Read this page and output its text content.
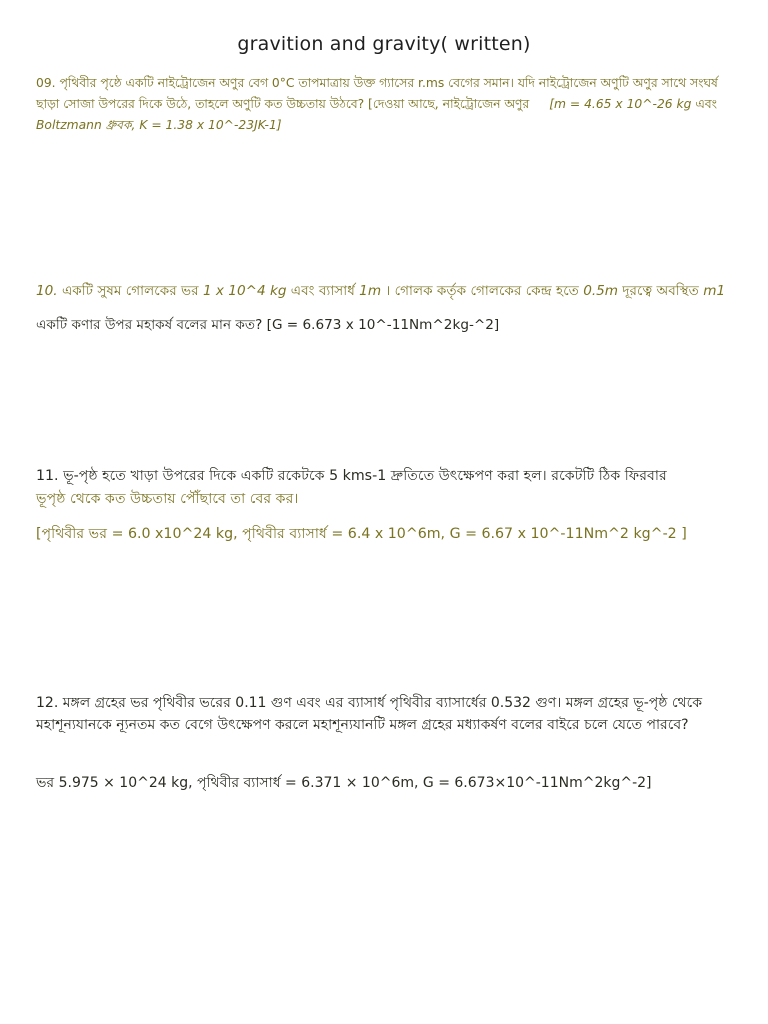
gravition and gravity( written)
09. পৃথিবীর পৃষ্ঠে একটি নাইট্রোজেন অণুর বেগ 0°C তাপমাত্রায় উক্ত গ্যাসের r.ms বেগের সমান। যদি নাইট্রোজেন অণুটি অণুর সাথে সংঘর্ষ ছাড়া সোজা উপরের দিকে উঠে, তাহলে অণুটি কত উচ্চতায় উঠবে? [দেওয়া আছে, নাইট্রোজেন অণুর [m = 4.65 x 10^-26 kg এবং Boltzmann ধ্রুবক, K = 1.38 x 10^-23JK-1]
10. একটি সুষম গোলকের ভর 1 x 10^4 kg এবং ব্যাসার্ধ 1m । গোলক কর্তৃক গোলকের কেন্দ্র হতে 0.5m দূরত্বে অবস্থিত m1
একটি কণার উপর মহাকর্ষ বলের মান কত? [G = 6.673 x 10^-11Nm^2kg-^2]
11. ভূ-পৃষ্ঠ হতে খাড়া উপরের দিকে একটি রকেটকে 5 kms-1 দ্রুতিতে উৎক্ষেপণ করা হল। রকেটটি ঠিক ফিরবার
ভূপৃষ্ঠ থেকে কত উচ্চতায় পৌঁছাবে তা বের কর।
[পৃথিবীর ভর = 6.0 x10^24 kg, পৃথিবীর ব্যাসার্ধ = 6.4 x 10^6m, G = 6.67 x 10^-11Nm^2 kg^-2 ]
12. মঙ্গল গ্রহের ভর পৃথিবীর ভরের 0.11 গুণ এবং এর ব্যাসার্ধ পৃথিবীর ব্যাসার্ধের 0.532 গুণ। মঙ্গল গ্রহের ভূ-পৃষ্ঠ থেকে মহাশূন্যযানকে ন্যূনতম কত বেগে উৎক্ষেপণ করলে মহাশূন্যযানটি মঙ্গল গ্রহের মধ্যাকর্ষণ বলের বাইরে চলে যেতে পারবে?
ভর 5.975 × 10^24 kg, পৃথিবীর ব্যাসার্ধ = 6.371 × 10^6m, G = 6.673×10^-11Nm^2kg^-2]
